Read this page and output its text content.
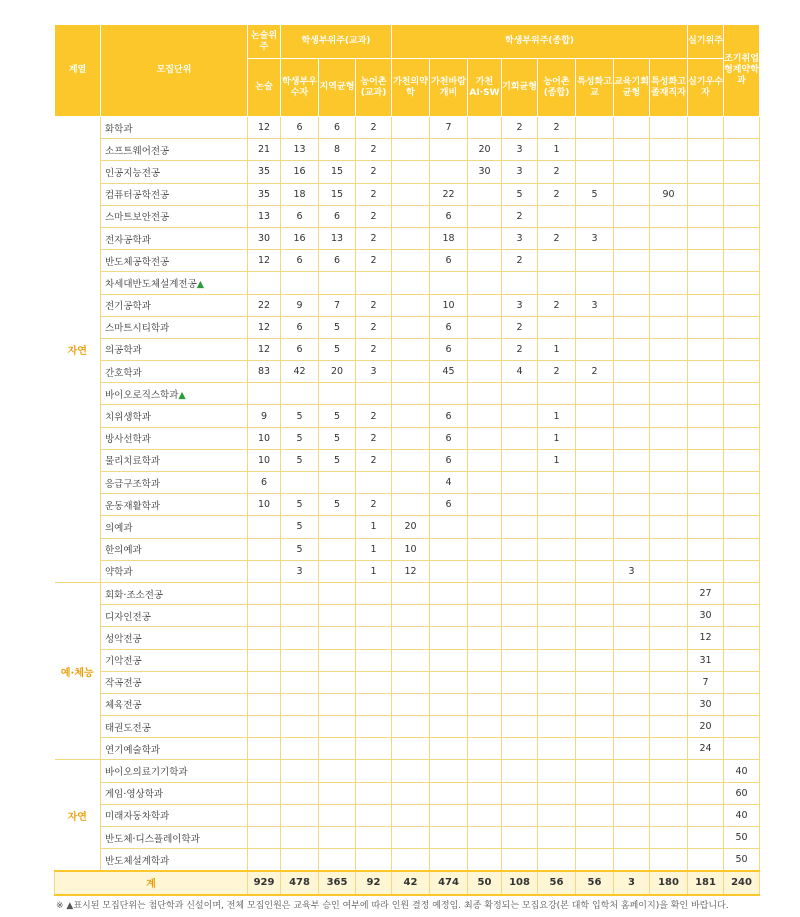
계열	모집단위	논술위주	학생부위주(교과)			학생부위주(종합)								실기위주	조기취업형계약학과
		논술	학생부우수자	지역균형	농어촌(교과)	가천의약학	가천바람개비	가천AI·SW	기회균형	농어촌(종합)	특성화고교	교육기회균형	특성화고졸재직자	실기우수자	
자연	화학과	12	6	6	2		7		2	2					
	소프트웨어전공	21	13	8	2			20	3	1					
	인공지능전공	35	16	15	2			30	3	2					
	컴퓨터공학전공	35	18	15	2		22		5	2	5		90		
	스마트보안전공	13	6	6	2		6		2						
	전자공학과	30	16	13	2		18		3	2	3				
	반도체공학전공	12	6	6	2		6		2						
	차세대반도체설계전공▲														
	전기공학과	22	9	7	2		10		3	2	3				
	스마트시티학과	12	6	5	2		6		2						
	의공학과	12	6	5	2		6		2	1					
	간호학과	83	42	20	3		45		4	2	2				
	바이오로직스학과▲														
	치위생학과	9	5	5	2		6			1					
	방사선학과	10	5	5	2		6			1					
	물리치료학과	10	5	5	2		6			1					
	응급구조학과	6					4								
	운동재활학과	10	5	5	2		6								
	의예과		5		1	20									
	한의예과		5		1	10									
	약학과		3		1	12						3			
예·체능	회화·조소전공													27	
	디자인전공													30	
	성악전공													12	
	기악전공													31	
	작곡전공													7	
	체육전공													30	
	태권도전공													20	
	연기예술학과													24	
자연	바이오의료기기학과														40
	게임·영상학과														60
	미래자동차학과														40
	반도체·디스플레이학과														50
	반도체설계학과														50
계		929	478	365	92	42	474	50	108	56	56	3	180	181	240
※ ▲표시된 모집단위는 첨단학과 신설이며, 전체 모집인원은 교육부 승인 여부에 따라 인원 결정 예정임. 최종 확정되는 모집요강(본 대학 입학처 홈페이지)을 확인 바랍니다.
